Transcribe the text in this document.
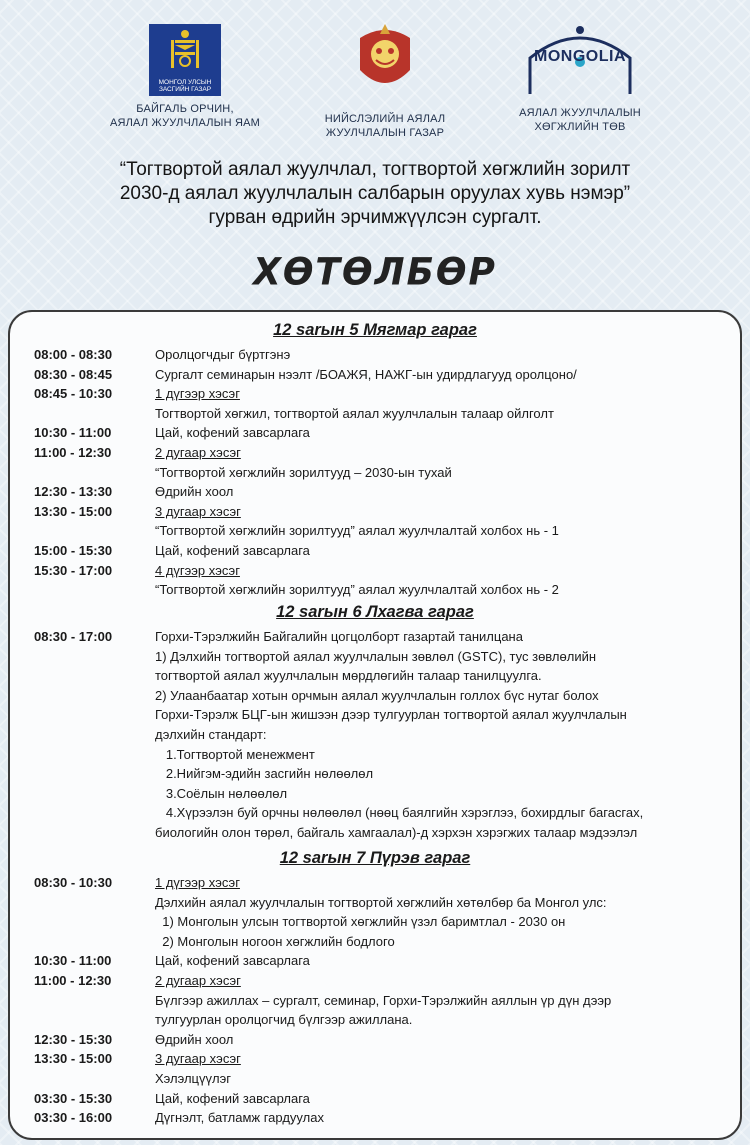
МОНГОЛ УЛСЫН ЗАСГИЙН ГАЗАР
БАЙГАЛЬ ОРЧИН,
АЯЛАЛ ЖУУЛЧЛАЛЫН ЯАМ	НИЙСЛЭЛИЙН АЯЛАЛ
ЖУУЛЧЛАЛЫН ГАЗАР
MONGOLIA
АЯЛАЛ ЖУУЛЧЛАЛЫН
ХӨГЖЛИЙН ТӨВ
“Тогтвортой аялал жуулчлал, тогтвортой хөгжлийн зорилт
2030-д аялал жуулчлалын салбарын оруулах хувь нэмэр”
гурван өдрийн эрчимжүүлсэн сургалт.
ХӨТӨЛБӨР
12 sarын 5 Мягмар гараг
08:00 - 08:30	Оролцогчдыг бүртгэнэ
08:30 - 08:45	Сургалт семинарын нээлт /БОАЖЯ, НАЖГ-ын удирдлагууд оролцоно/
08:45 - 10:30	1 дүгээр хэсэг
Тогтвортой хөгжил, тогтвортой аялал жуулчлалын талаар ойлголт
10:30 - 11:00	Цай, кофений завсарлага
11:00 - 12:30	2 дугаар хэсэг
“Тогтвортой хөгжлийн зорилтууд – 2030-ын тухай
12:30 - 13:30	Өдрийн хоол
13:30 - 15:00	3 дугаар хэсэг
“Тогтвортой хөгжлийн зорилтууд” аялал жуулчлалтай холбох нь - 1
15:00 - 15:30	Цай, кофений завсарлага
15:30 - 17:00	4 дүгээр хэсэг
“Тогтвортой хөгжлийн зорилтууд” аялал жуулчлалтай холбох нь - 2
12 sarын 6 Лхагва гараг
08:30 - 17:00	Горхи-Тэрэлжийн Байгалийн цогцолборт газартай танилцана
1) Дэлхийн тогтвортой аялал жуулчлалын зөвлөл (GSTC), тус зөвлөлийн
тогтвортой аялал жуулчлалын мөрдлөгийн талаар танилцуулга.
2) Улаанбаатар хотын орчмын аялал жуулчлалын голлох бүс нутаг болох
Горхи-Тэрэлж БЦГ-ын жишээн дээр тулгуурлан тогтвортой аялал жуулчлалын
дэлхийн стандарт:
1.Тогтвортой менежмент
2.Нийгэм-эдийн засгийн нөлөөлөл
3.Соёлын нөлөөлөл
4.Хүрээлэн буй орчны нөлөөлөл (нөөц баялгийн хэрэглээ, бохирдлыг багасгах,
биологийн олон төрөл, байгаль хамгаалал)-д хэрхэн хэрэгжих талаар мэдээлэл
12 sarын 7 Пүрэв гараг
08:30 - 10:30	1 дүгээр хэсэг
Дэлхийн аялал жуулчлалын тогтвортой хөгжлийн хөтөлбөр ба Монгол улс:
1) Монголын улсын тогтвортой хөгжлийн үзэл баримтлал - 2030 он
2) Монголын ногоон хөгжлийн бодлого
10:30 - 11:00	Цай, кофений завсарлага
11:00 - 12:30	2 дугаар хэсэг
Бүлгээр ажиллах – сургалт, семинар, Горхи-Тэрэлжийн аяллын үр дүн дээр
тулгуурлан оролцогчид бүлгээр ажиллана.
12:30 - 15:30	Өдрийн хоол
13:30 - 15:00	3 дугаар хэсэг
Хэлэлцүүлэг
03:30 - 15:30	Цай, кофений завсарлага
03:30 - 16:00	Дүгнэлт, батламж гардуулах
